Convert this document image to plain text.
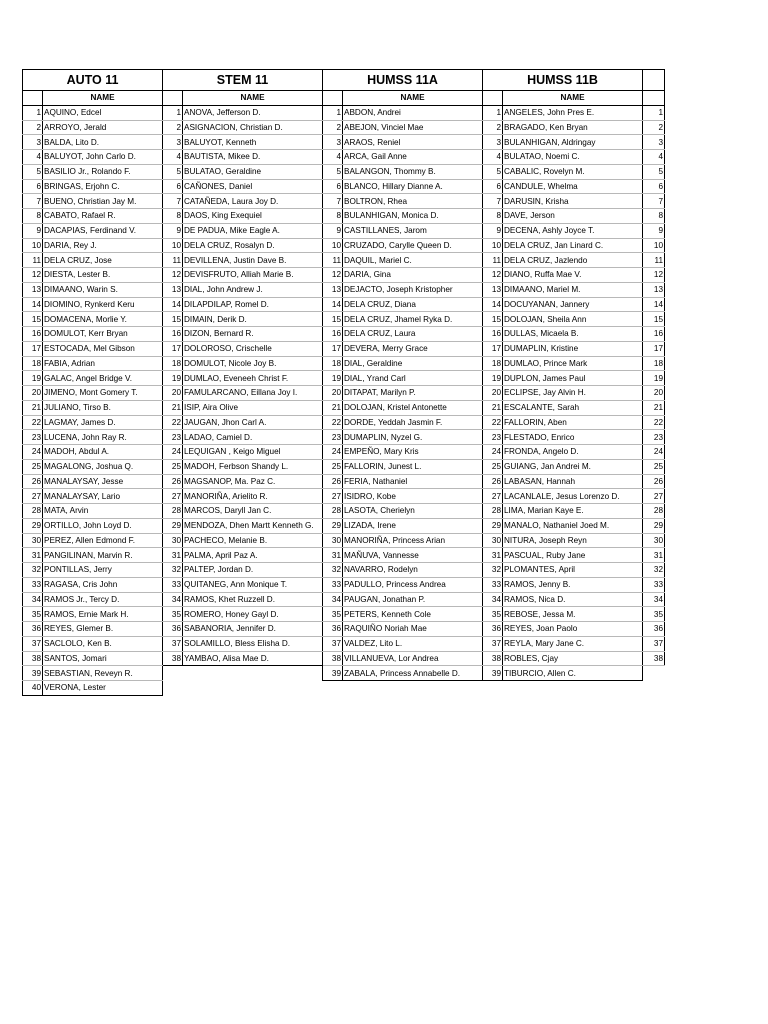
AUTO 11		STEM 11		HUMSS 11A		HUMSS 11B		
	NAME		NAME		NAME		NAME	
1	AQUINO, Edcel	1	ANOVA, Jefferson D.	1	ABDON, Andrei	1	ANGELES, John Pres E.	1
2	ARROYO, Jerald	2	ASIGNACION, Christian D.	2	ABEJON, Vinciel Mae	2	BRAGADO, Ken Bryan	2
3	BALDA, Lito D.	3	BALUYOT, Kenneth	3	ARAOS, Reniel	3	BULANHIGAN, Aldringay	3
4	BALUYOT, John Carlo D.	4	BAUTISTA, Mikee D.	4	ARCA, Gail Anne	4	BULATAO, Noemi C.	4
5	BASILIO Jr., Rolando F.	5	BULATAO, Geraldine	5	BALANGON, Thommy B.	5	CABALIC, Rovelyn M.	5
6	BRINGAS, Erjohn C.	6	CAÑONES, Daniel	6	BLANCO, Hillary Dianne A.	6	CANDULE, Whelma	6
7	BUENO, Christian Jay M.	7	CATAÑEDA, Laura Joy D.	7	BOLTRON, Rhea	7	DARUSIN, Krisha	7
8	CABATO, Rafael R.	8	DAOS, King Exequiel	8	BULANHIGAN, Monica D.	8	DAVE, Jerson	8
9	DACAPIAS, Ferdinand V.	9	DE PADUA, Mike Eagle A.	9	CASTILLANES, Jarom	9	DECENA, Ashly Joyce T.	9
10	DARIA, Rey J.	10	DELA CRUZ, Rosalyn D.	10	CRUZADO, Carylle Queen D.	10	DELA CRUZ, Jan Linard C.	10
11	DELA CRUZ, Jose	11	DEVILLENA, Justin Dave B.	11	DAQUIL, Mariel C.	11	DELA CRUZ, Jazlendo	11
12	DIESTA, Lester B.	12	DEVISFRUTO, Alliah Marie B.	12	DARIA, Gina	12	DIANO, Ruffa Mae V.	12
13	DIMAANO, Warin S.	13	DIAL, John Andrew J.	13	DEJACTO, Joseph Kristopher	13	DIMAANO, Mariel M.	13
14	DIOMINO, Rynkerd Keru	14	DILAPDILAP, Romel D.	14	DELA CRUZ, Diana	14	DOCUYANAN, Jannery	14
15	DOMACENA, Morlie Y.	15	DIMAIN, Derik D.	15	DELA CRUZ, Jhamel Ryka D.	15	DOLOJAN, Sheila Ann	15
16	DOMULOT, Kerr Bryan	16	DIZON, Bernard R.	16	DELA CRUZ, Laura	16	DULLAS, Micaela B.	16
17	ESTOCADA, Mel Gibson	17	DOLOROSO, Crischelle	17	DEVERA, Merry Grace	17	DUMAPLIN, Kristine	17
18	FABIA, Adrian	18	DOMULOT, Nicole Joy B.	18	DIAL, Geraldine	18	DUMLAO, Prince Mark	18
19	GALAC, Angel Bridge V.	19	DUMLAO, Eveneeh Christ F.	19	DIAL, Yrand Carl	19	DUPLON, James Paul	19
20	JIMENO, Mont Gomery T.	20	FAMULARCANO, Eillana Joy I.	20	DITAPAT, Marilyn P.	20	ECLIPSE, Jay Alvin H.	20
21	JULIANO, Tirso B.	21	ISIP, Aira Olive	21	DOLOJAN, Kristel Antonette	21	ESCALANTE, Sarah	21
22	LAGMAY, James D.	22	JAUGAN, Jhon Carl A.	22	DORDE, Yeddah Jasmin F.	22	FALLORIN, Aben	22
23	LUCENA, John Ray R.	23	LADAO, Camiel D.	23	DUMAPLIN, Nyzel G.	23	FLESTADO, Enrico	23
24	MADOH, Abdul A.	24	LEQUIGAN , Keigo Miguel	24	EMPEÑO, Mary Kris	24	FRONDA, Angelo D.	24
25	MAGALONG, Joshua Q.	25	MADOH, Ferbson Shandy L.	25	FALLORIN, Junest L.	25	GUIANG, Jan Andrei M.	25
26	MANALAYSAY, Jesse	26	MAGSANOP, Ma. Paz C.	26	FERIA, Nathaniel	26	LABASAN, Hannah	26
27	MANALAYSAY, Lario	27	MANORIÑA, Arielito R.	27	ISIDRO, Kobe	27	LACANLALE, Jesus Lorenzo D.	27
28	MATA, Arvin	28	MARCOS, Daryll Jan C.	28	LASOTA, Cherielyn	28	LIMA, Marian Kaye E.	28
29	ORTILLO, John Loyd D.	29	MENDOZA, Dhen Martt Kenneth G.	29	LIZADA, Irene	29	MANALO, Nathaniel Joed M.	29
30	PEREZ, Allen Edmond F.	30	PACHECO, Melanie B.	30	MANORIÑA, Princess Arian	30	NITURA, Joseph Reyn	30
31	PANGILINAN, Marvin R.	31	PALMA, April Paz A.	31	MAÑUVA, Vannesse	31	PASCUAL, Ruby Jane	31
32	PONTILLAS, Jerry	32	PALTEP, Jordan D.	32	NAVARRO, Rodelyn	32	PLOMANTES, April	32
33	RAGASA, Cris John	33	QUITANEG, Ann Monique T.	33	PADULLO, Princess Andrea	33	RAMOS, Jenny B.	33
34	RAMOS Jr., Tercy D.	34	RAMOS, Khet Ruzzell D.	34	PAUGAN, Jonathan P.	34	RAMOS, Nica D.	34
35	RAMOS, Ernie Mark H.	35	ROMERO, Honey Gayl D.	35	PETERS, Kenneth Cole	35	REBOSE, Jessa M.	35
36	REYES, Glemer B.	36	SABANORIA, Jennifer D.	36	RAQUIÑO Noriah Mae	36	REYES, Joan Paolo	36
37	SACLOLO, Ken B.	37	SOLAMILLO, Bless Elisha D.	37	VALDEZ, Lito L.	37	REYLA, Mary Jane C.	37
38	SANTOS, Jomari	38	YAMBAO, Alisa Mae D.	38	VILLANUEVA, Lor Andrea	38	ROBLES, Cjay	38
39	SEBASTIAN, Reveyn R.			39	ZABALA, Princess Annabelle D.	39	TIBURCIO, Allen C.	
40	VERONA, Lester							
